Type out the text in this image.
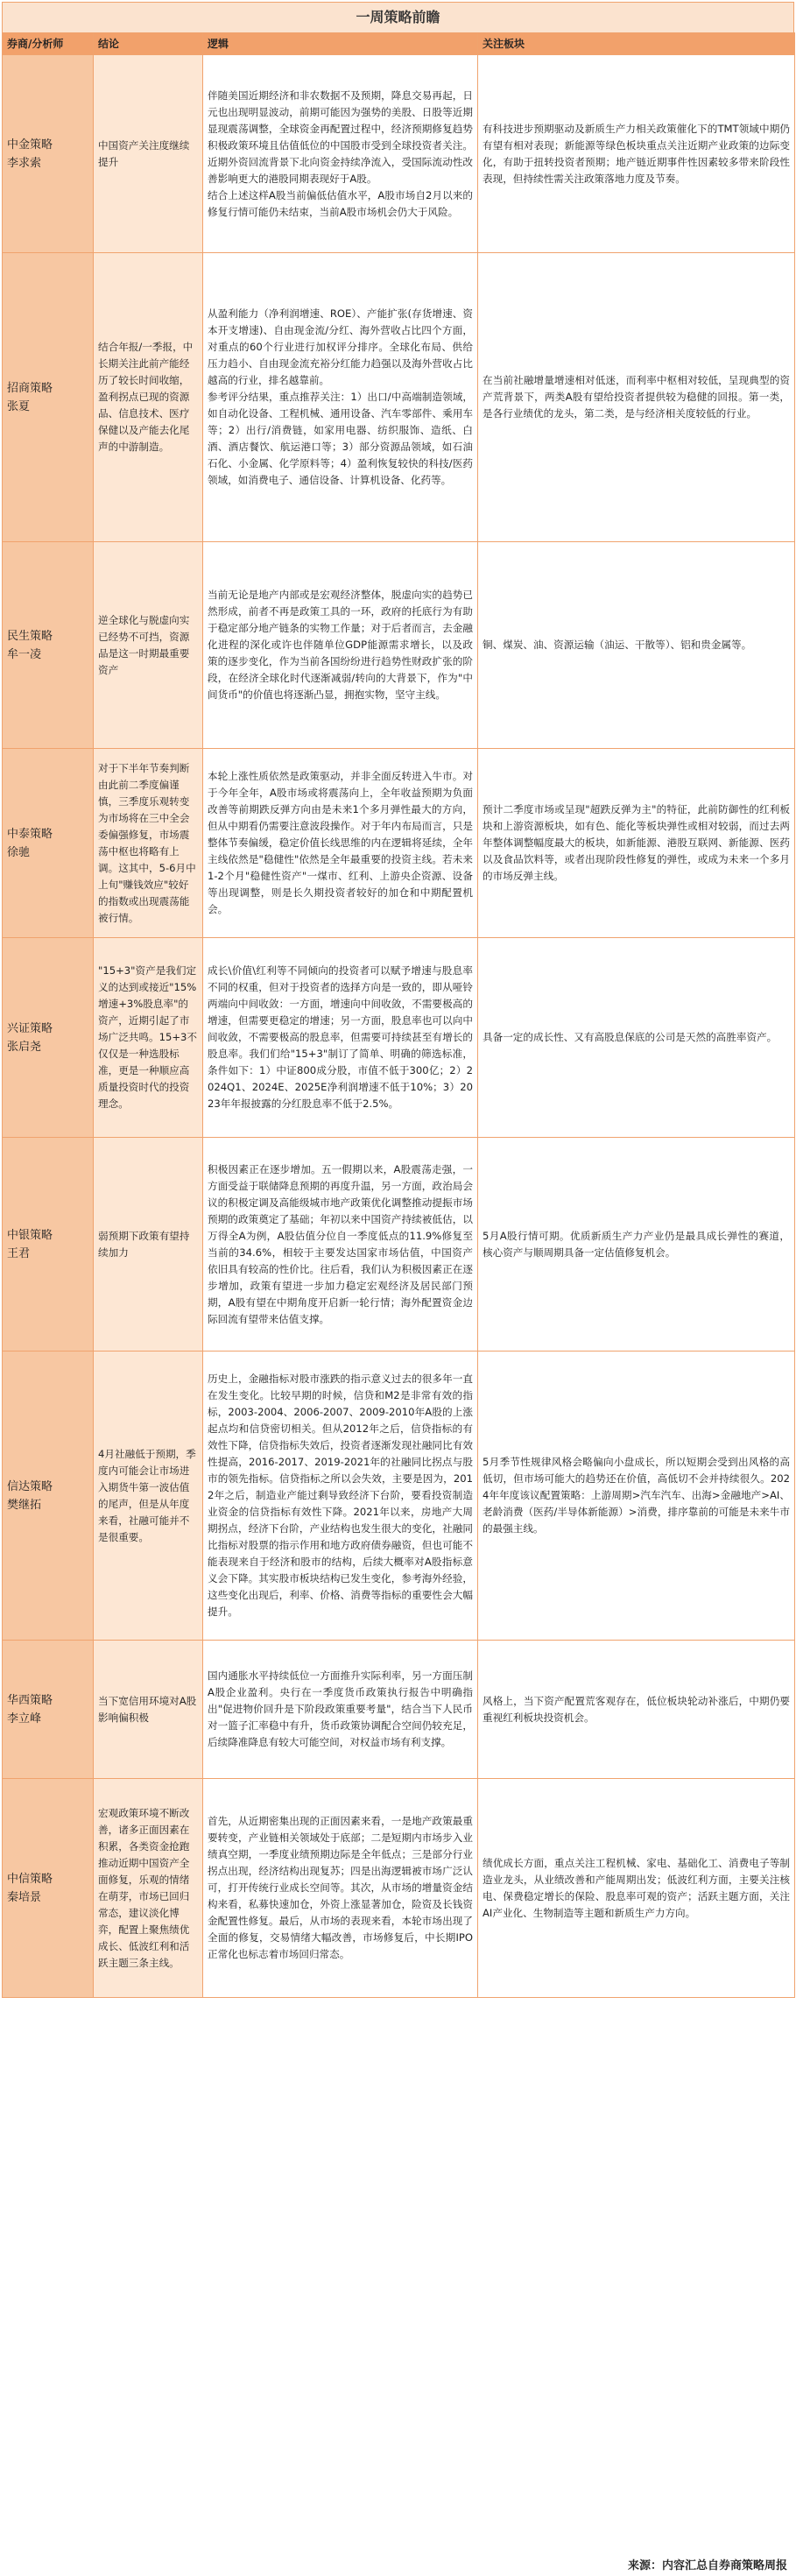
一周策略前瞻
券商/分析师	结论	逻辑	关注板块
中金策略
李求索	中国资产关注度继续提升	伴随美国近期经济和非农数据不及预期，降息交易再起，日元也出现明显波动，前期可能因为强势的美股、日股等近期显现震荡调整，全球资金再配置过程中，经济预期修复趋势积极政策环境且估值低位的中国股市受到全球投资者关注。近期外资回流背景下北向资金持续净流入，受国际流动性改善影响更大的港股同期表现好于A股。
结合上述这样A股当前偏低估值水平，A股市场自2月以来的修复行情可能仍未结束，当前A股市场机会仍大于风险。	有科技进步预期驱动及新质生产力相关政策催化下的TMT领域中期仍有望有相对表现；新能源等绿色板块重点关注近期产业政策的边际变化，有助于扭转投资者预期；地产链近期事件性因素较多带来阶段性表现，但持续性需关注政策落地力度及节奏。
招商策略
张夏	结合年报/一季报，中长期关注此前产能经历了较长时间收缩，盈利拐点已现的资源品、信息技术、医疗保健以及产能去化尾声的中游制造。	从盈利能力（净利润增速、ROE）、产能扩张(存货增速、资本开支增速)、自由现金流/分红、海外营收占比四个方面，对重点的60个行业进行加权评分排序。全球化布局、供给压力趋小、自由现金流充裕分红能力趋强以及海外营收占比越高的行业，排名越靠前。
参考评分结果，重点推荐关注：1）出口/中高端制造领域，如自动化设备、工程机械、通用设备、汽车零部件、乘用车等；2）出行/消费链，如家用电器、纺织服饰、造纸、白酒、酒店餐饮、航运港口等；3）部分资源品领域，如石油石化、小金属、化学原料等；4）盈利恢复较快的科技/医药领域，如消费电子、通信设备、计算机设备、化药等。	在当前社融增量增速相对低迷，而利率中枢相对较低，呈现典型的资产荒背景下，两类A股有望给投资者提供较为稳健的回报。第一类，是各行业绩优的龙头，第二类，是与经济相关度较低的行业。
民生策略
牟一凌	逆全球化与脱虚向实已经势不可挡，资源品是这一时期最重要资产	当前无论是地产内部或是宏观经济整体，脱虚向实的趋势已然形成，前者不再是政策工具的一环，政府的托底行为有助于稳定部分地产链条的实物工作量；对于后者而言，去金融化进程的深化或许也伴随单位GDP能源需求增长，以及政策的逐步变化，作为当前各国纷纷进行趋势性财政扩张的阶段，在经济全球化时代逐渐减弱/转向的大背景下，作为"中间货币"的价值也将逐渐凸显，拥抱实物，坚守主线。	铜、煤炭、油、资源运输（油运、干散等）、铝和贵金属等。
中泰策略
徐驰	对于下半年节奏判断由此前二季度偏谨慎，三季度乐观转变为市场将在三中全会委偏强修复，市场震荡中枢也将略有上调。这其中，5-6月中上旬"赚钱效应"较好的指数或出现震荡能被行情。	本轮上涨性质依然是政策驱动，并非全面反转进入牛市。对于今年全年，A股市场或将震荡向上，全年收益预期为负面改善等前期跌反弹方向由是未来1个多月弹性最大的方向，但从中期看仍需要注意波段操作。对于年内布局而言，只是整体节奏偏缓，稳定价值长线思维的内在逻辑将延续，全年主线依然是"稳健性"依然是全年最重要的投资主线。若未来1-2个月"稳健性资产"一煤市、红利、上游央企资源、设备等出现调整，则是长久期投资者较好的加仓和中期配置机会。	预计二季度市场或呈现"超跌反弹为主"的特征，此前防御性的红利板块和上游资源板块，如有色、能化等板块弹性或相对较弱，而过去两年整体调整幅度最大的板块，如新能源、港股互联网、新能源、医药以及食品饮料等，或者出现阶段性修复的弹性，或成为未来一个多月的市场反弹主线。
兴证策略
张启尧	"15+3"资产是我们定义的达到或接近"15%增速+3%股息率"的资产，近期引起了市场广泛共鸣。15+3不仅仅是一种选股标准，更是一种顺应高质量投资时代的投资理念。	成长\价值\红利等不同倾向的投资者可以赋予增速与股息率不同的权重，但对于投资者的选择方向是一致的，即从哑铃两端向中间收敛：一方面，增速向中间收敛，不需要极高的增速，但需要更稳定的增速；另一方面，股息率也可以向中间收敛，不需要极高的股息率，但需要可持续甚至有增长的股息率。我们们给"15+3"制订了简单、明确的筛选标准，条件如下：1）中证800成分股，市值不低于300亿；2）2024Q1、2024E、2025E净利润增速不低于10%；3）2023年年报披露的分红股息率不低于2.5%。	具备一定的成长性、又有高股息保底的公司是天然的高胜率资产。
中银策略
王君	弱预期下政策有望持续加力	积极因素正在逐步增加。五一假期以来，A股震荡走强，一方面受益于联储降息预期的再度升温，另一方面，政治局会议的积极定调及高能级城市地产政策优化调整推动提振市场预期的政策奠定了基础；年初以来中国资产持续被低估，以万得全A为例，A股估值分位自一季度低点的11.9%修复至当前的34.6%，相较于主要发达国家市场估值，中国资产依旧具有较高的性价比。往后看，我们认为积极因素正在逐步增加，政策有望进一步加力稳定宏观经济及居民部门预期，A股有望在中期角度开启新一轮行情；海外配置资金边际回流有望带来估值支撑。	5月A股行情可期。优质新质生产力产业仍是最具成长弹性的赛道，核心资产与顺周期具备一定估值修复机会。
信达策略
樊继拓	4月社融低于预期，季度内可能会让市场进入期货牛第一波估值的尾声，但是从年度来看，社融可能并不是很重要。	历史上，金融指标对股市涨跌的指示意义过去的很多年一直在发生变化。比较早期的时候，信贷和M2是非常有效的指标，2003-2004、2006-2007、2009-2010年A股的上涨起点均和信贷密切相关。但从2012年之后，信贷指标的有效性下降，信贷指标失效后，投资者逐渐发现社融同比有效性提高，2016-2017、2019-2021年的社融同比拐点与股市的领先指标。信贷指标之所以会失效，主要是因为，2012年之后，制造业产能过剩导致经济下台阶，要看投资制造业资金的信贷指标有效性下降。2021年以来，房地产大周期拐点，经济下台阶，产业结构也发生很大的变化，社融同比指标对股票的指示作用和地方政府债券融资，但也可能不能表现来自于经济和股市的结构，后续大概率对A股指标意义会下降。其实股市板块结构已发生变化，参考海外经验，这些变化出现后，利率、价格、消费等指标的重要性会大幅提升。	5月季节性规律风格会略偏向小盘成长，所以短期会受到出风格的高低切，但市场可能大的趋势还在价值，高低切不会并持续很久。2024年年度该议配置策略：上游周期>汽车汽车、出海>金融地产>AI、老龄消费（医药/半导体新能源）>消费，排序靠前的可能是未来牛市的最强主线。
华西策略
李立峰	当下宽信用环境对A股影响偏积极	国内通胀水平持续低位一方面推升实际利率，另一方面压制A股企业盈利。央行在一季度货币政策执行报告中明确指出"促进物价回升是下阶段政策重要考量"，结合当下人民币对一篮子汇率稳中有升，货币政策协调配合空间仍较充足，后续降准降息有较大可能空间，对权益市场有利支撑。	风格上，当下资产配置荒客观存在，低位板块轮动补涨后，中期仍要重视红利板块投资机会。
中信策略
秦培景	宏观政策环境不断改善，诸多正面因素在积累，各类资金抢跑推动近期中国资产全面修复，乐观的情绪在萌芽，市场已回归常态，建议淡化博弈，配置上聚焦绩优成长、低波红利和活跃主题三条主线。	首先，从近期密集出现的正面因素来看，一是地产政策最重要转变，产业链相关领域处于底部；二是短期内市场步入业绩真空期，一季度业绩预期边际是全年低点；三是部分行业拐点出现，经济结构出现复苏；四是出海逻辑被市场广泛认可，打开传统行业成长空间等。其次，从市场的增量资金结构来看，私募快速加仓，外资上涨显著加仓，险资及长钱资金配置性修复。最后，从市场的表现来看，本轮市场出现了全面的修复，交易情绪大幅改善，市场修复后，中长期IPO正常化也标志着市场回归常态。	绩优成长方面，重点关注工程机械、家电、基础化工、消费电子等制造业龙头，从业绩改善和产能周期出发；低波红利方面，主要关注核电、保费稳定增长的保险、股息率可观的资产；活跃主题方面，关注AI产业化、生物制造等主题和新质生产力方向。
来源：内容汇总自券商策略周报
